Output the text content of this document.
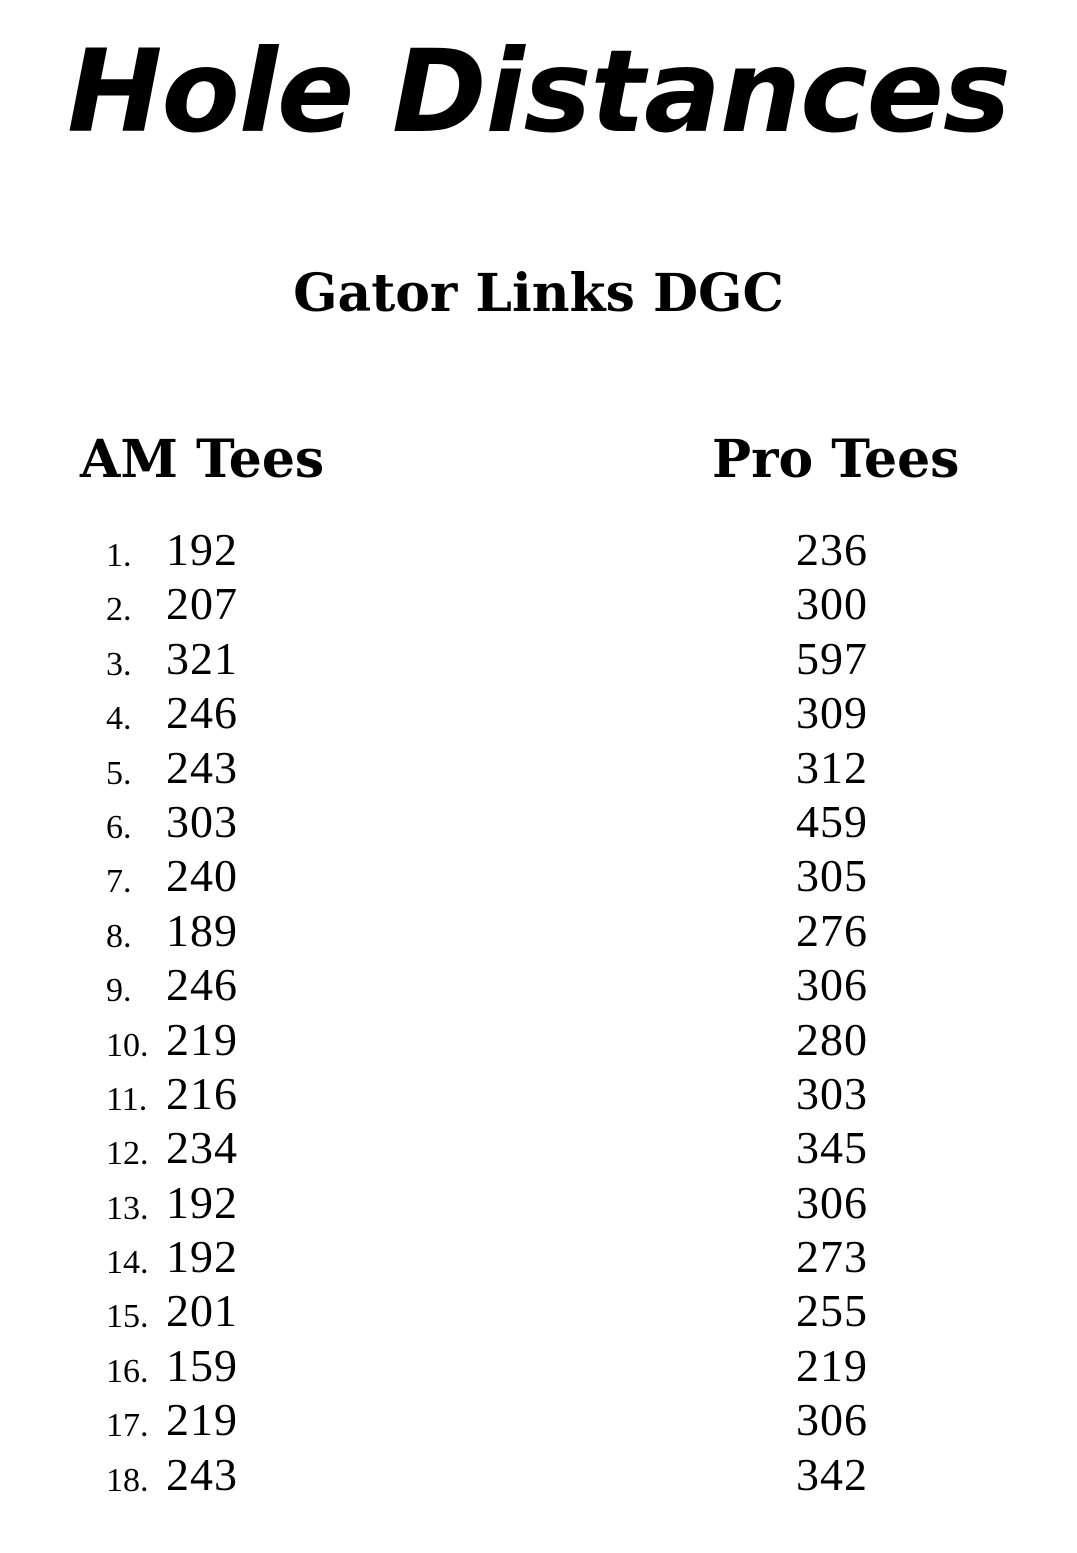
Hole Distances
Gator Links DGC
AM Tees	Pro Tees
1. 192	236
2. 207	300
3. 321	597
4. 246	309
5. 243	312
6. 303	459
7. 240	305
8. 189	276
9. 246	306
10. 219	280
11. 216	303
12. 234	345
13. 192	306
14. 192	273
15. 201	255
16. 159	219
17. 219	306
18. 243	342
